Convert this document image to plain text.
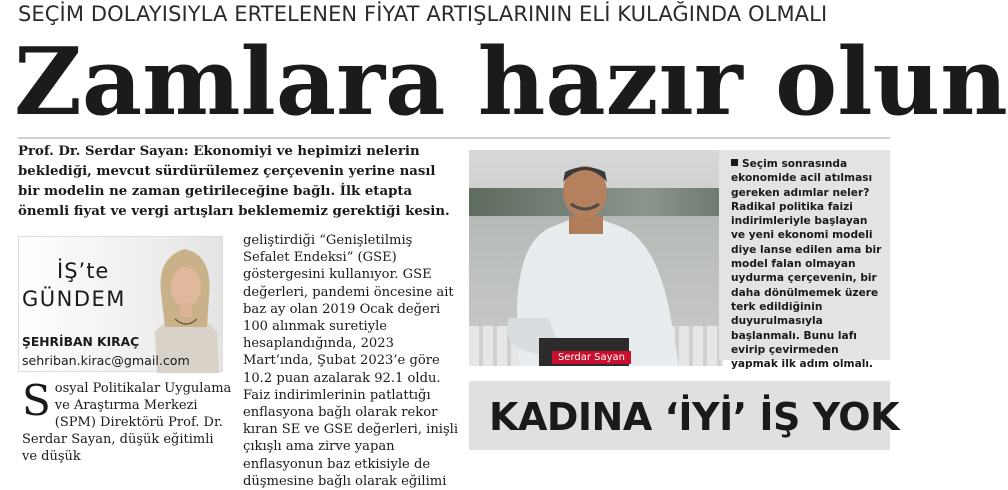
SEÇİM DOLAYISIYLA ERTELENEN FİYAT ARTIŞLARININ ELİ KULAĞINDA OLMALI
Zamlara hazır olun

Prof. Dr. Serdar Sayan: Ekonomiyi ve hepimizi nelerin beklediği, mevcut sürdürülemez çerçevenin yerine nasıl bir modelin ne zaman getirileceğine bağlı. İlk etapta önemli fiyat ve vergi artışları beklememiz gerektiği kesin.

Serdar Sayan
Seçim sonrasında ekonomide acil atılması gereken adımlar neler? Radikal politika faizi indirimleriyle başlayan ve yeni ekonomi modeli diye lanse edilen ama bir model falan olmayan uydurma çerçevenin, bir daha dönülmemek üzere terk edildiğinin duyurulmasıyla başlanmalı. Bunu lafı evirip çevirmeden yapmak ilk adım olmalı.
İŞ’te
GÜNDEM
ŞEHRİBAN KIRAÇ
sehriban.kirac@gmail.com
Sosyal Politikalar Uygulama ve Araştırma Merkezi (SPM) Direktörü Prof. Dr. Serdar Sayan, düşük eğitimli ve düşük
geliştirdiği “Genişletilmiş Sefalet Endeksi” (GSE) göstergesini kullanıyor. GSE değerleri, pandemi öncesine ait baz ay olan 2019 Ocak değeri 100 alınmak suretiyle hesaplandığında, 2023 Mart’ında, Şubat 2023’e göre 10.2 puan azalarak 92.1 oldu. Faiz indirimlerinin patlattığı enflasyona bağlı olarak rekor kıran SE ve GSE değerleri, inişli çıkışlı ama zirve yapan enflasyonun baz etkisiyle de düşmesine bağlı olarak eğilimi
KADINA ‘İYİ’ İŞ YOK
